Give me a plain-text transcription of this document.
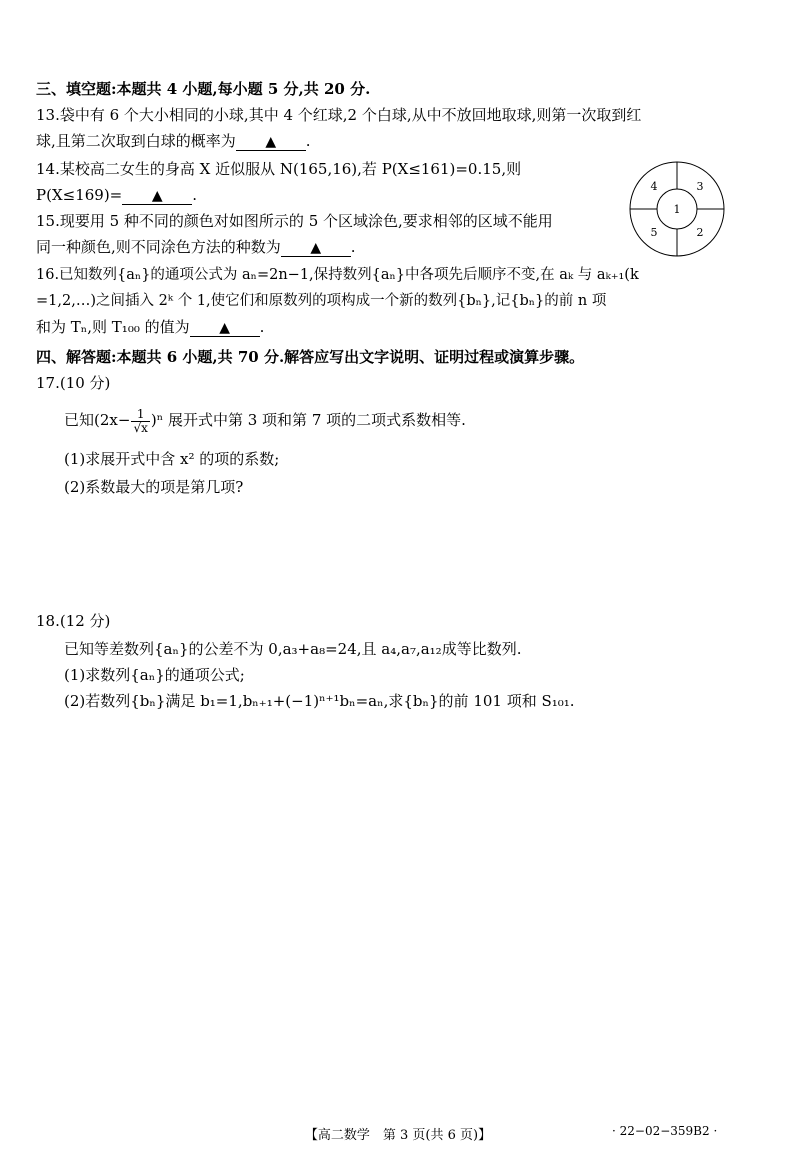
三、填空题:本题共 4 小题,每小题 5 分,共 20 分.
13.袋中有 6 个大小相同的小球,其中 4 个红球,2 个白球,从中不放回地取球,则第一次取到红
球,且第二次取到白球的概率为 ▲ .
14.某校高二女生的身高 X 近似服从 N(165,16),若 P(X≤161)=0.15,则
P(X≤169)= ▲ .
15.现要用 5 种不同的颜色对如图所示的 5 个区域涂色,要求相邻的区域不能用
同一种颜色,则不同涂色方法的种数为 ▲ .
16.已知数列{aₙ}的通项公式为 aₙ=2n−1,保持数列{aₙ}中各项先后顺序不变,在 aₖ 与 aₖ₊₁(k
=1,2,…)之间插入 2ᵏ 个 1,使它们和原数列的项构成一个新的数列{bₙ},记{bₙ}的前 n 项
和为 Tₙ,则 T₁₀₀ 的值为 ▲ .
1
2
3
4
5
四、解答题:本题共 6 小题,共 70 分.解答应写出文字说明、证明过程或演算步骤。
17.(10 分)
已知$(2x- \frac{1}{√x} )^n$ 展开式中第 3 项和第 7 项的二项式系数相等.
(1)求展开式中含 x² 的项的系数;
(2)系数最大的项是第几项?
18.(12 分)
已知等差数列{aₙ}的公差不为 0,a₃+a₈=24,且 a₄,a₇,a₁₂成等比数列.
(1)求数列{aₙ}的通项公式;
(2)若数列{bₙ}满足 b₁=1,bₙ₊₁+(−1)ⁿ⁺¹bₙ=aₙ,求{bₙ}的前 101 项和 S₁₀₁.
【高二数学　第 3 页(共 6 页)】	· 22−02−359B2 ·
